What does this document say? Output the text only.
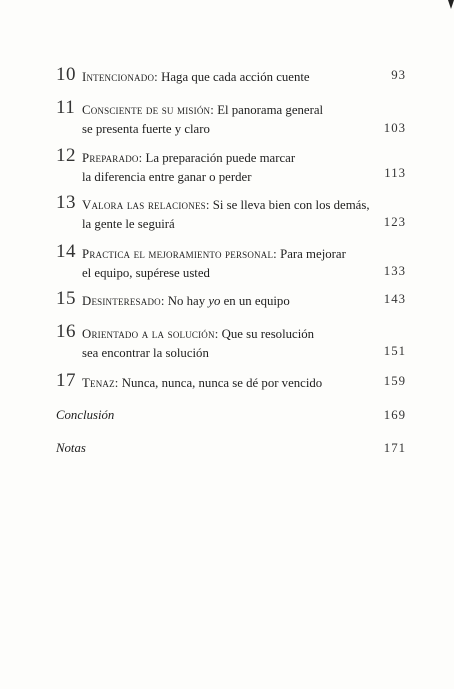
10 Intencionado: Haga que cada acción cuente	93
11 Consciente de su misión: El panorama general
se presenta fuerte y claro	103
12 Preparado: La preparación puede marcar
la diferencia entre ganar o perder	113
13 Valora las relaciones: Si se lleva bien con los demás,
la gente le seguirá	123
14 Practica el mejoramiento personal: Para mejorar
el equipo, supérese usted	133
15 Desinteresado: No hay yo en un equipo	143
16 Orientado a la solución: Que su resolución
sea encontrar la solución	151
17 Tenaz: Nunca, nunca, nunca se dé por vencido	159
Conclusión	169
Notas	171
